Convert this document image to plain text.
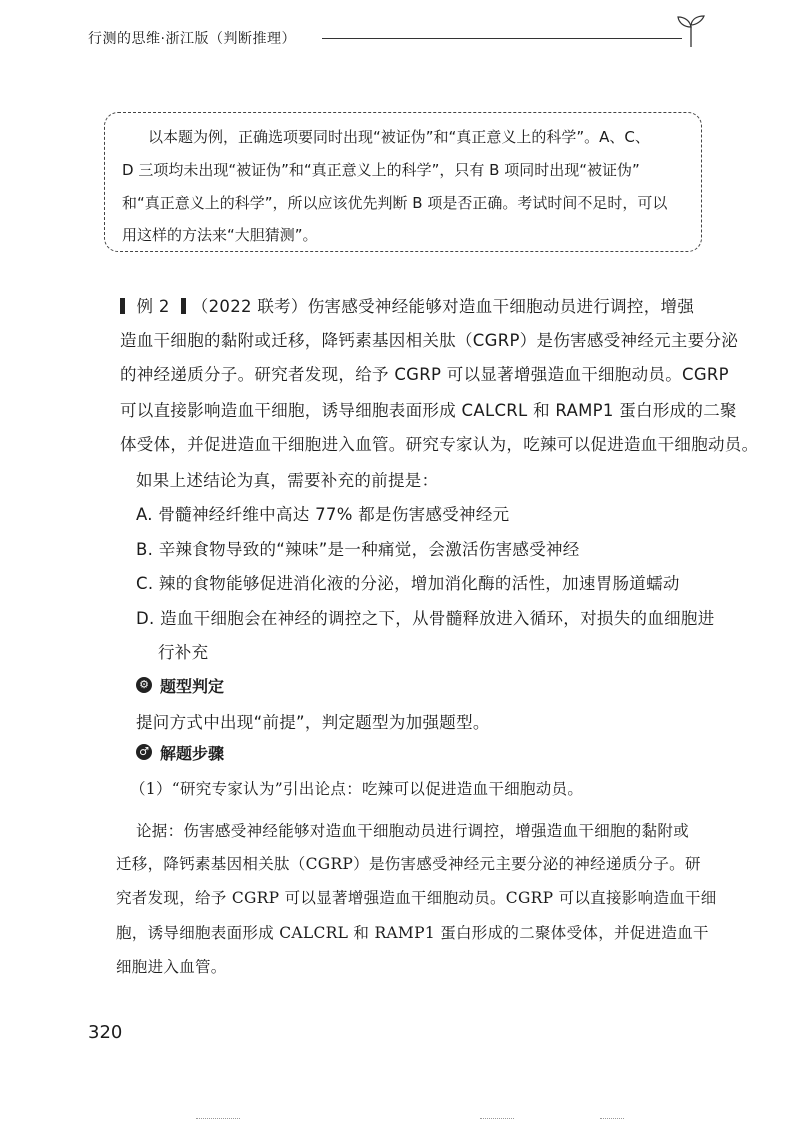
行测的思维·浙江版（判断推理）
以本题为例，正确选项要同时出现“被证伪”和“真正意义上的科学”。A、C、
D 三项均未出现“被证伪”和“真正意义上的科学”，只有 B 项同时出现“被证伪”
和“真正意义上的科学”，所以应该优先判断 B 项是否正确。考试时间不足时，可以
用这样的方法来“大胆猜测”。
例 2 （2022 联考）伤害感受神经能够对造血干细胞动员进行调控，增强
造血干细胞的黏附或迁移，降钙素基因相关肽（CGRP）是伤害感受神经元主要分泌
的神经递质分子。研究者发现，给予 CGRP 可以显著增强造血干细胞动员。CGRP
可以直接影响造血干细胞，诱导细胞表面形成 CALCRL 和 RAMP1 蛋白形成的二聚
体受体，并促进造血干细胞进入血管。研究专家认为，吃辣可以促进造血干细胞动员。
如果上述结论为真，需要补充的前提是：
A. 骨髓神经纤维中高达 77% 都是伤害感受神经元
B. 辛辣食物导致的“辣味”是一种痛觉，会激活伤害感受神经
C. 辣的食物能够促进消化液的分泌，增加消化酶的活性，加速胃肠道蠕动
D. 造血干细胞会在神经的调控之下，从骨髓释放进入循环，对损失的血细胞进
行补充
⚙ 题型判定
提问方式中出现“前提”，判定题型为加强题型。
♂ 解题步骤
（1）“研究专家认为”引出论点：吃辣可以促进造血干细胞动员。
论据：伤害感受神经能够对造血干细胞动员进行调控，增强造血干细胞的黏附或
迁移，降钙素基因相关肽（CGRP）是伤害感受神经元主要分泌的神经递质分子。研
究者发现，给予 CGRP 可以显著增强造血干细胞动员。CGRP 可以直接影响造血干细
胞，诱导细胞表面形成 CALCRL 和 RAMP1 蛋白形成的二聚体受体，并促进造血干
细胞进入血管。
320
